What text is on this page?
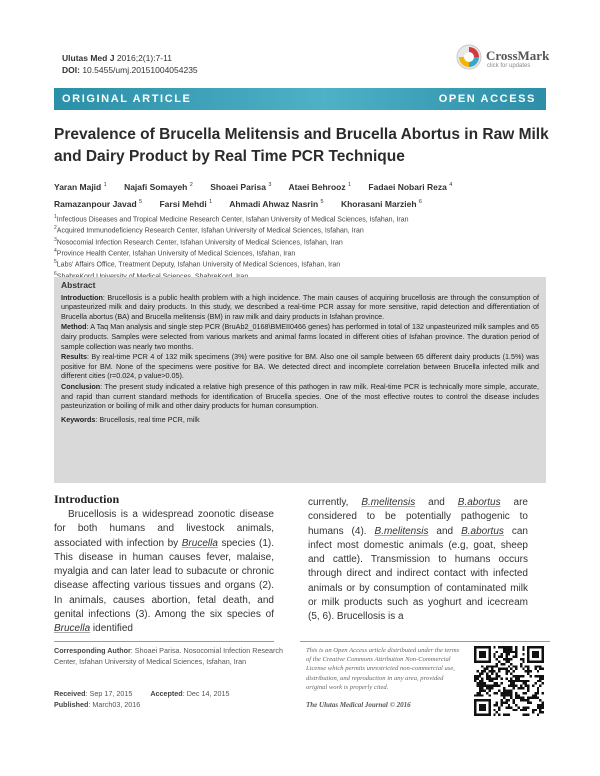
Ulutas Med J 2016;2(1):7-11
DOI: 10.5455/umj.20151004054235
CrossMark
click for updates
ORIGINAL ARTICLE	OPEN ACCESS
Prevalence of Brucella Melitensis and Brucella Abortus in Raw Milk and Dairy Product by Real Time PCR Technique
Yaran Majid $^1$ Najafi Somayeh $^2$ Shoaei Parisa $^3$ Ataei Behrooz $^1$ Fadaei Nobari Reza $^4$
Ramazanpour Javad $^5$ Farsi Mehdi $^1$ Ahmadi Ahwaz Nasrin $^5$ Khorasani Marzieh $^6$
$^1$Infectious Diseases and Tropical Medicine Research Center, Isfahan University of Medical Sciences, Isfahan, Iran
$^2$Acquired Immunodeficiency Research Center, Isfahan University of Medical Sciences, Isfahan, Iran
$^3$Nosocomial Infection Research Center, Isfahan University of Medical Sciences, Isfahan, Iran
$^4$Province Health Center, Isfahan University of Medical Sciences, Isfahan, Iran
$^5$Labs' Affairs Office, Treatment Deputy, Isfahan University of Medical Sciences, Isfahan, Iran
$^6$
Abstract
Introduction: Brucellosis is a public health problem with a high incidence. The main causes of acquiring brucellosis are through the consumption of unpasteurized milk and dairy products. In this study, we described a real-time PCR assay for more sensitive, rapid detection and differentiation of Brucella abortus (BA) and Brucella melitensis (BM) in raw milk and dairy products in Isfahan province.
Method: A Taq Man analysis and single step PCR (BruAb2_0168\BMEII0466 genes) has performed in total of 132 unpasteurized milk samples and 65 dairy products. Samples were selected from various markets and animal farms located in different cities of Isfahan province. The duration period of sample collection was nearly two months.
Results: By real-time PCR 4 of 132 milk specimens (3%) were positive for BM. Also one oil sample between 65 different dairy products (1.5%) was positive for BM. None of the specimens were positive for BA. We detected direct and incomplete correlation between Brucella infected milk and different cities (r=0.024, p value>0.05).
Conclusion: The present study indicated a relative high presence of this pathogen in raw milk. Real-time PCR is technically more simple, accurate, and rapid than current standard methods for identification of Brucella species. One of the most effective routes to control the disease includes pasteurization or boiling of milk and other dairy products for human consumption.
Keywords: Brucellosis, real time PCR, milk
Introduction

Brucellosis is a widespread zoonotic disease for both humans and livestock animals, associated with infection by Brucella species (1). This disease in human causes fever, malaise, myalgia and can later lead to subacute or chronic disease affecting various tissues and organs (2). In animals, causes abortion, fetal death, and genital infections (3). Among the six species of Brucella identified

currently, B.melitensis and B.abortus are considered to be potentially pathogenic to humans (4). B.melitensis and B.abortus can infect most domestic animals (e.g, goat, sheep and cattle). Transmission to humans occurs through direct and indirect contact with infected animals or by consumption of contaminated milk or milk products such as yoghurt and icecream (5, 6). Brucellosis is a

Corresponding Author: Shoaei Parisa. Nosocomial Infection Research Center, Isfahan University of Medical Sciences, Isfahan, Iran
Received: Sep 17, 2015	Accepted: Dec 14, 2015
Published: March03, 2016
This is an Open Access article distributed under the terms of the Creative Commons Attribution Non-Commercial License which permits unrestricted non-commercial use, distribution, and reproduction in any area, provided original work is properly cited.
The Ulutas Medical Journal © 2016
